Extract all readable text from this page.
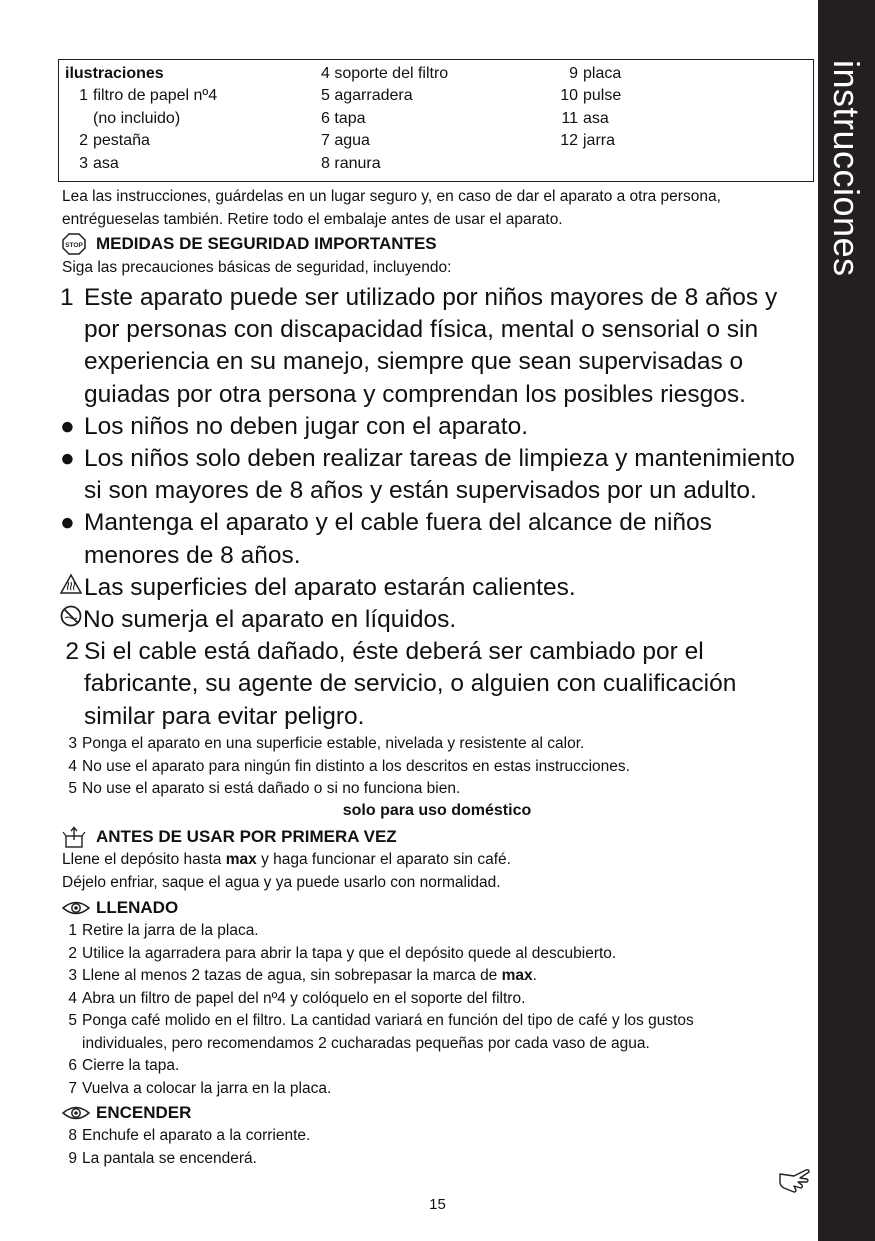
instrucciones
ilustraciones
1 filtro de papel nº4
(no incluido)
2 pestaña
3 asa
4 soporte del filtro
5 agarradera
6 tapa
7 agua
8 ranura
9 placa
10 pulse
11 asa
12 jarra
Lea las instrucciones, guárdelas en un lugar seguro y, en caso de dar el aparato a otra persona, entrégueselas también. Retire todo el embalaje antes de usar el aparato.
STOP MEDIDAS DE SEGURIDAD IMPORTANTES
Siga las precauciones básicas de seguridad, incluyendo:
1 Este aparato puede ser utilizado por niños mayores de 8 años y por personas con discapacidad física, mental o sensorial o sin experiencia en su manejo, siempre que sean supervisadas o guiadas por otra persona y comprendan los posibles riesgos.
● Los niños no deben jugar con el aparato.
● Los niños solo deben realizar tareas de limpieza y mantenimiento si son mayores de 8 años y están supervisados por un adulto.
● Mantenga el aparato y el cable fuera del alcance de niños menores de 8 años.
Las superficies del aparato estarán calientes.
No sumerja el aparato en líquidos.
2 Si el cable está dañado, éste deberá ser cambiado por el fabricante, su agente de servicio, o alguien con cualificación similar para evitar peligro.
3 Ponga el aparato en una superficie estable, nivelada y resistente al calor.
4 No use el aparato para ningún fin distinto a los descritos en estas instrucciones.
5 No use el aparato si está dañado o si no funciona bien.
solo para uso doméstico
ANTES DE USAR POR PRIMERA VEZ
Llene el depósito hasta max y haga funcionar el aparato sin café.
Déjelo enfriar, saque el agua y ya puede usarlo con normalidad.
LLENADO
1 Retire la jarra de la placa.
2 Utilice la agarradera para abrir la tapa y que el depósito quede al descubierto.
3 Llene al menos 2 tazas de agua, sin sobrepasar la marca de max.
4 Abra un filtro de papel del nº4 y colóquelo en el soporte del filtro.
5 Ponga café molido en el filtro. La cantidad variará en función del tipo de café y los gustos
individuales, pero recomendamos 2 cucharadas pequeñas por cada vaso de agua.
6 Cierre la tapa.
7 Vuelva a colocar la jarra en la placa.
ENCENDER
8 Enchufe el aparato a la corriente.
9 La pantala se encenderá.
15
